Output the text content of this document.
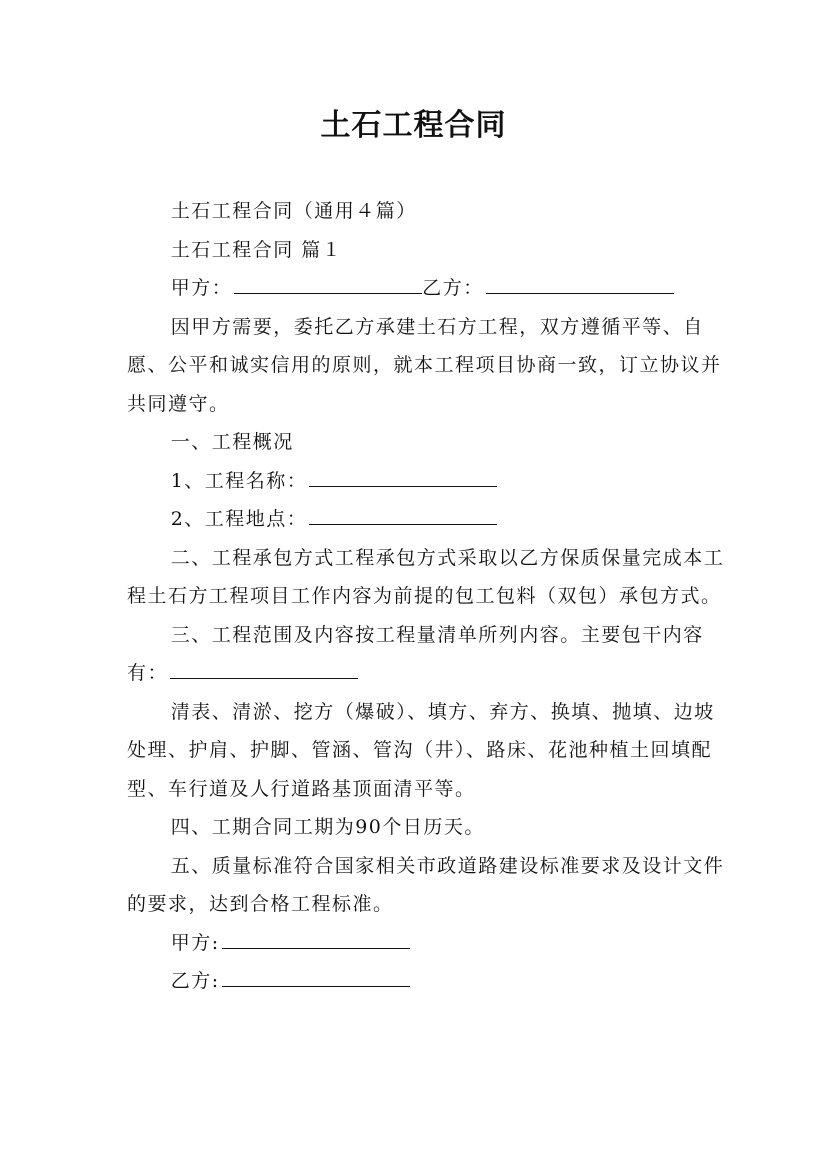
土石工程合同

土石工程合同（通用４篇）

土石工程合同 篇１

甲方：	乙方：

因甲方需要，委托乙方承建土石方工程，双方遵循平等、自愿、公平和诚实信用的原则，就本工程项目协商一致，订立协议并共同遵守。

一、工程概况

1、工程名称：

2、工程地点：

二、工程承包方式工程承包方式采取以乙方保质保量完成本工程土石方工程项目工作内容为前提的包工包料（双包）承包方式。

三、工程范围及内容按工程量清单所列内容。主要包干内容有：

清表、清淤、挖方（爆破）、填方、弃方、换填、抛填、边坡处理、护肩、护脚、管涵、管沟（井）、路床、花池种植土回填配型、车行道及人行道路基顶面清平等。

四、工期合同工期为90个日历天。

五、质量标准符合国家相关市政道路建设标准要求及设计文件的要求，达到合格工程标准。

甲方:

乙方:
